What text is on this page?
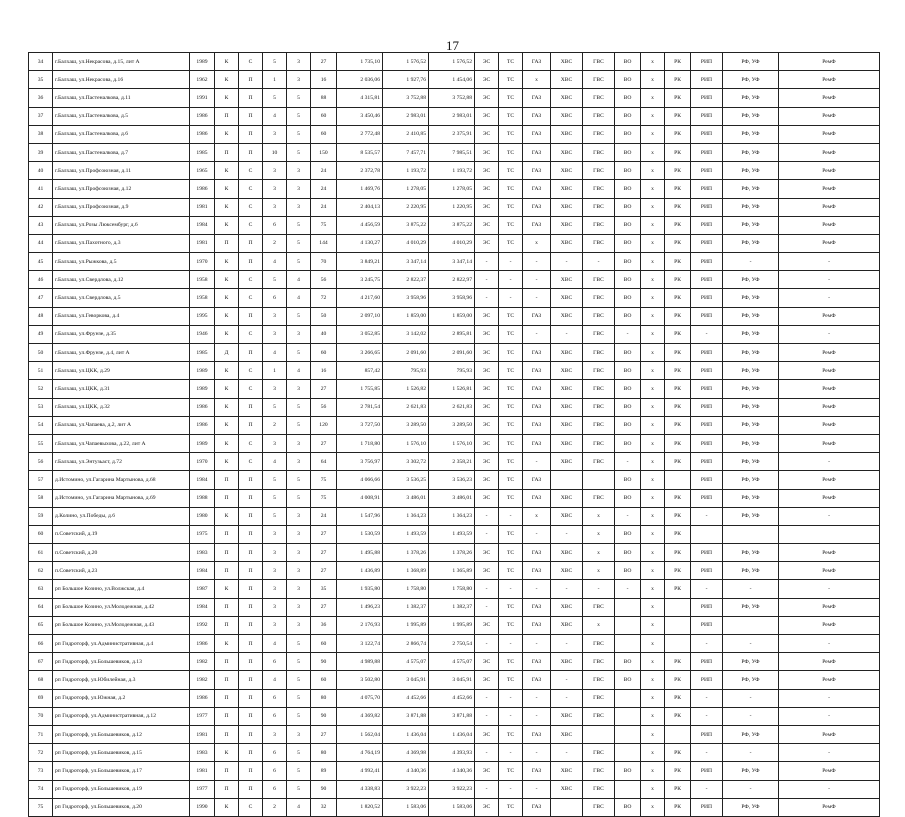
17
34	г.Балхаш, ул.Некрасова, д.15, лит А	1989	К	С	5	3	27	1 735,10	1 576,52	1 576,52	ЭС	ТС	ГАЗ	ХВС	ГВС	ВО	х	РК	РИП	РФ, УФ	РемФ
35	г.Балхаш, ул.Некрасова, д.16	1962	К	П	1	3	16	2 036,06	1 927,76	1 454,06	ЭС	ТС	х	ХВС	ГВС	ВО	х	РК	РИП	РФ, УФ	РемФ
36	г.Балхаш, ул.Пастеналкова, д.11	1991	К	П	5	5	88	4 315,81	3 752,88	3 752,88	ЭС	ТС	ГАЗ	ХВС	ГВС	ВО	х	РК	РИП	РФ, УФ	РемФ
37	г.Балхаш, ул.Пастеналкова, д.5	1986	П	П	4	5	60	3 450,46	2 983,01	2 983,01	ЭС	ТС	ГАЗ	ХВС	ГВС	ВО	х	РК	РИП	РФ, УФ	РемФ
38	г.Балхаш, ул.Пастеналкова, д.6	1986	К	П	3	5	60	2 772,48	2 410,85	2 375,91	ЭС	ТС	ГАЗ	ХВС	ГВС	ВО	х	РК	РИП	РФ, УФ	РемФ
39	г.Балхаш, ул.Пастеналкова, д.7	1985	П	П	10	5	150	8 535,57	7 457,71	7 985,51	ЭС	ТС	ГАЗ	ХВС	ГВС	ВО	х	РК	РИП	РФ, УФ	РемФ
40	г.Балхаш, ул.Профсоюзная, д.11	1965	К	С	3	3	24	2 372,78	1 193,72	1 193,72	ЭС	ТС	ГАЗ	ХВС	ГВС	ВО	х	РК	РИП	РФ, УФ	РемФ
41	г.Балхаш, ул.Профсоюзная, д.12	1986	К	С	3	3	24	1 469,76	1 278,05	1 278,05	ЭС	ТС	ГАЗ	ХВС	ГВС	ВО	х	РК	РИП	РФ, УФ	РемФ
42	г.Балхаш, ул.Профсоюзная, д.9	1981	К	С	3	3	24	2 404,13	2 220,95	1 220,95	ЭС	ТС	ГАЗ	ХВС	ГВС	ВО	х	РК	РИП	РФ, УФ	РемФ
43	г.Балхаш, ул.Розы Люксембург, д.6	1984	К	С	6	5	75	4 456,59	3 875,22	3 875,22	ЭС	ТС	ГАЗ	ХВС	ГВС	ВО	х	РК	РИП	РФ, УФ	РемФ
44	г.Балхаш, ул.Пахотного, д.3	1981	П	П	2	5	144	4 130,27	4 010,29	4 010,29	ЭС	ТС	х	ХВС	ГВС	ВО	х	РК	РИП	РФ, УФ	РемФ
45	г.Балхаш, ул.Рыжкова, д.5	1970	К	П	4	5	70	3 849,21	3 347,14	3 347,14	-	-	-	-	-	ВО	х	РК	РИП	-	-
46	г.Балхаш, ул.Свердлова, д.12	1958	К	С	5	4	56	3 245,75	2 822,37	2 822,97	-	-	-	ХВС	ГВС	ВО	х	РК	РИП	РФ, УФ	-
47	г.Балхаш, ул.Свердлова, д.5	1958	К	С	6	4	72	4 217,60	3 958,96	3 958,96	-	-	-	ХВС	ГВС	ВО	х	РК	РИП	РФ, УФ	-
48	г.Балхаш, ул.Геворкова, д.4	1995	К	П	3	5	50	2 097,10	1 859,00	1 859,00	ЭС	ТС	ГАЗ	ХВС	ГВС	ВО	х	РК	РИП	РФ, УФ	РемФ
49	г.Балхаш, ул.Фрунзе, д.35	1946	К	С	3	3	40	3 052,85	3 142,02	2 895,81	ЭС	ТС	-	-	ГВС	-	х	РК	-	РФ, УФ	-
50	г.Балхаш, ул.Фрунзе, д.4, лит А	1985	Д	П	4	5	60	3 266,65	2 091,60	2 091,60	ЭС	ТС	ГАЗ	ХВС	ГВС	ВО	х	РК	РИП	РФ, УФ	РемФ
51	г.Балхаш, ул.ЦКК, д.29	1989	К	С	1	4	16	857,42	795,93	795,93	ЭС	ТС	ГАЗ	ХВС	ГВС	ВО	х	РК	РИП	РФ, УФ	РемФ
52	г.Балхаш, ул.ЦКК, д.31	1989	К	С	3	3	27	1 755,85	1 526,82	1 526,81	ЭС	ТС	ГАЗ	ХВС	ГВС	ВО	х	РК	РИП	РФ, УФ	РемФ
53	г.Балхаш, ул.ЦКК, д.32	1986	К	П	5	5	56	2 781,54	2 621,83	2 621,83	ЭС	ТС	ГАЗ	ХВС	ГВС	ВО	х	РК	РИП	РФ, УФ	РемФ
54	г.Балхаш, ул.Чапаева, д.2, лит А	1986	К	П	2	5	120	3 727,50	3 289,50	3 289,50	ЭС	ТС	ГАЗ	ХВС	ГВС	ВО	х	РК	РИП	РФ, УФ	РемФ
55	г.Балхаш, ул.Чапаевыхова, д.22, лит А	1989	К	С	3	3	27	1 718,80	1 576,10	1 576,10	ЭС	ТС	ГАЗ	ХВС	ГВС	ВО	х	РК	РИП	РФ, УФ	РемФ
56	г.Балхаш, ул.Энтузьаст, д.72	1970	К	С	4	3	64	3 756,97	3 302,72	2 358,21	ЭС	ТС	-	ХВС	ГВС	-	х	РК	РИП	РФ, УФ	-
57	д.Истомино, ул.Гагарина Мартынова, д.68	1984	П	П	5	5	75	4 066,66	3 536,25	3 536,23	ЭС	ТС	ГАЗ			ВО	х		РИП	РФ, УФ	РемФ
58	д.Истомино, ул.Гагарина Мартынова, д.69	1988	П	П	5	5	75	4 008,91	3 486,01	3 486,01	ЭС	ТС	ГАЗ	ХВС	ГВС	ВО	х	РК	РИП	РФ, УФ	РемФ
59	д.Колино, ул.Победы, д.6	1980	К	П	5	3	24	1 547,96	1 364,23	1 364,23	-	-	х	ХВС	х	-	х	РК	-	РФ, УФ	-
60	п.Советский, д.19	1975	П	П	3	3	27	1 530,59	1 493,59	1 493,59	-	ТС	-	-	х	ВО	х	РК			
61	п.Советский, д.20	1983	П	П	3	3	27	1 495,88	1 378,26	1 378,26	ЭС	ТС	ГАЗ	ХВС	х	ВО	х	РК	РИП	РФ, УФ	РемФ
62	п.Советский, д.23	1984	П	П	3	3	27	1 436,89	1 368,89	1 365,89	ЭС	ТС	ГАЗ	ХВС	х	ВО	х	РК	РИП	РФ, УФ	РемФ
63	рп Большое Козино, ул.Волжская, д.4	1987	К	П	3	3	35	1 935,80	1 758,80	1 758,80	-	-	-	-	-	-	х	РК	-	-	-
64	рп Большое Козино, ул.Молодежная, д.42	1984	П	П	3	3	27	1 496,23	1 382,37	1 382,37	-	ТС	ГАЗ	ХВС	ГВС		х		РИП	РФ, УФ	РемФ
65	рп Большое Козино, ул.Молодежная, д.43	1992	П	П	3	3	36	2 176,93	1 995,89	1 995,89	ЭС	ТС	ГАЗ	ХВС	х		х		РИП		РемФ
66	рп Гидроторф, ул.Административная, д.4	1986	К	П	4	5	60	3 122,74	2 866,74	2 750,54	-	-	-	-	ГВС		х		-	-	-
67	рп Гидроторф, ул.Большевиков, д.13	1982	П	П	6	5	90	4 989,88	4 575,07	4 575,07	ЭС	ТС	ГАЗ	ХВС	ГВС	ВО	х	РК	РИП	РФ, УФ	РемФ
68	рп Гидроторф, ул.Юбилейная, д.3	1982	П	П	4	5	60	3 502,80	3 045,91	3 045,91	ЭС	ТС	ГАЗ	-	ГВС	ВО	х	РК	РИП	РФ, УФ	РемФ
69	рп Гидроторф, ул.Южная, д.2	1986	П	П	6	5	80	4 075,70	4 452,66	4 452,66	-	-	-	-	ГВС		х	РК	-	-	-
70	рп Гидроторф, ул.Административная, д.12	1977	П	П	6	5	90	4 369,82	3 871,88	3 871,88	-	-	-	ХВС	ГВС		х	РК	-	-	-
71	рп Гидроторф, ул.Большевиков, д.12	1981	П	П	3	3	27	1 562,04	1 436,04	1 436,04	ЭС	ТС	ГАЗ	ХВС			х		РИП	РФ, УФ	РемФ
72	рп Гидроторф, ул.Большевиков, д.15	1983	К	П	6	5	80	4 764,19	4 369,98	4 393,93	-	-	-	-	ГВС		х	РК	-	-	-
73	рп Гидроторф, ул.Большевиков, д.17	1981	П	П	6	5	89	4 992,41	4 340,36	4 340,36	ЭС	ТС	ГАЗ	ХВС	ГВС	ВО	х	РК	РИП	РФ, УФ	РемФ
74	рп Гидроторф, ул.Большевиков, д.19	1977	П	П	6	5	90	4 338,83	3 922,23	3 922,23	-	-	-	ХВС	ГВС		х	РК	-	-	-
75	рп Гидроторф, ул.Большевиков, д.20	1990	К	С	2	4	32	1 820,52	1 583,06	1 583,06	ЭС	ТС	ГАЗ		ГВС	ВО	х	РК	РИП	РФ, УФ	РемФ
